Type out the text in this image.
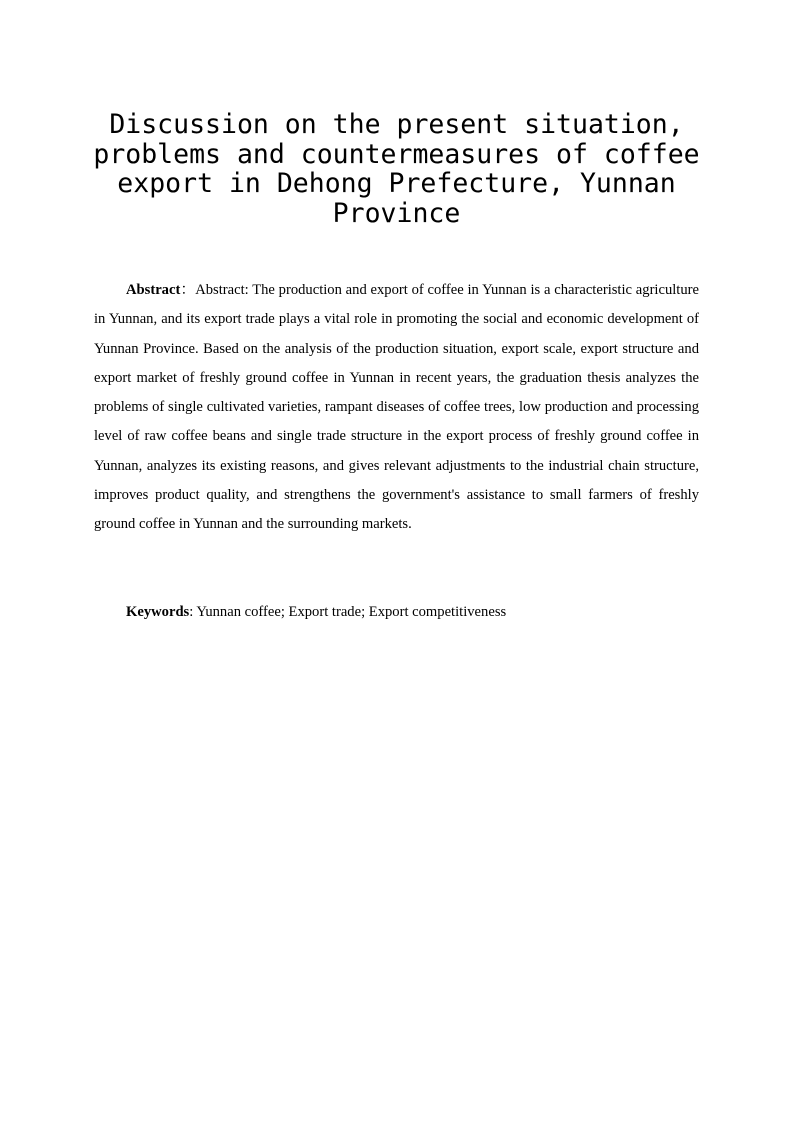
Discussion on the present situation, problems and countermeasures of coffee export in Dehong Prefecture, Yunnan Province

Abstract：Abstract: The production and export of coffee in Yunnan is a characteristic agriculture in Yunnan, and its export trade plays a vital role in promoting the social and economic development of Yunnan Province. Based on the analysis of the production situation, export scale, export structure and export market of freshly ground coffee in Yunnan in recent years, the graduation thesis analyzes the problems of single cultivated varieties, rampant diseases of coffee trees, low production and processing level of raw coffee beans and single trade structure in the export process of freshly ground coffee in Yunnan, analyzes its existing reasons, and gives relevant adjustments to the industrial chain structure, improves product quality, and strengthens the government's assistance to small farmers of freshly ground coffee in Yunnan and the surrounding markets.

Keywords: Yunnan coffee; Export trade; Export competitiveness
